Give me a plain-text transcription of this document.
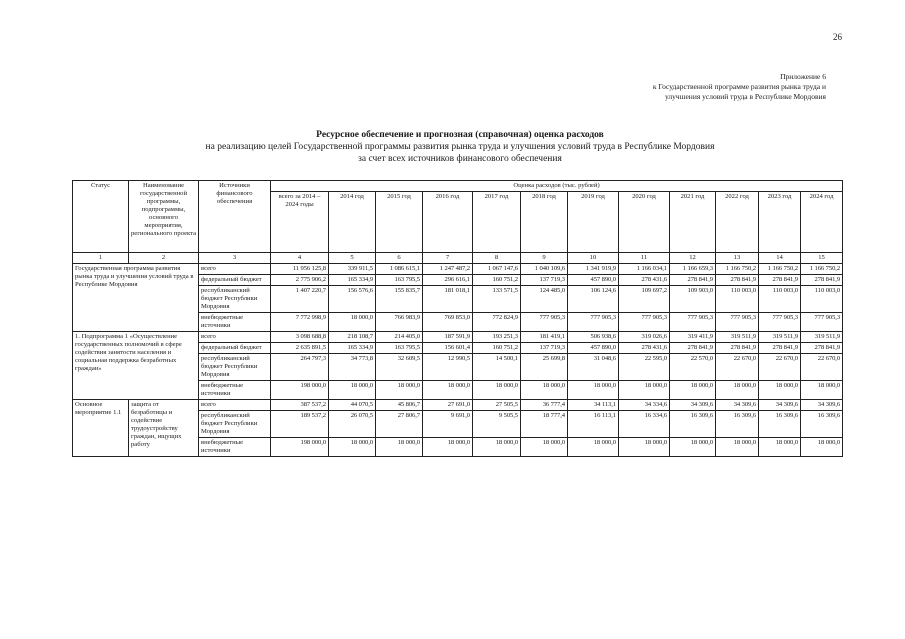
26
Приложение 6
к Государственной программе развития рынка труда и
улучшения условий труда в Республике Мордовия
Ресурсное обеспечение и прогнозная (справочная) оценка расходов
на реализацию целей Государственной программы развития рынка труда и улучшения условий труда в Республике Мордовия
за счет всех источников финансового обеспечения
Статус	Наименование государственной программы, подпрограммы, основного мероприятия, регионального проекта	Источники финансового обеспечения	Оценка расходов (тыс. рублей)											
			всего за 2014 – 2024 годы	2014 год	2015 год	2016 год	2017 год	2018 год	2019 год	2020 год	2021 год	2022 год	2023 год	2024 год
1	2	3	4	5	6	7	8	9	10	11	12	13	14	15
Государственная программа развития рынка труда и улучшения условий труда в Республике Мордовия		всего	11 956 125,8	339 911,5	1 086 615,1	1 247 487,2	1 067 147,6	1 040 109,6	1 341 919,9	1 166 034,1	1 166 659,3	1 166 750,2	1 166 750,2	1 166 750,2
		федеральный бюджет	2 775 906,2	165 334,9	163 795,5	296 616,1	160 751,2	137 719,3	457 890,0	278 431,6	278 841,9	278 841,9	278 841,9	278 841,9
		республиканский бюджет Республики Мордовия	1 407 220,7	156 576,6	155 835,7	181 018,1	133 571,5	124 485,0	106 124,6	109 697,2	109 903,0	110 003,0	110 003,0	110 003,0
		внебюджетные источники	7 772 998,9	18 000,0	766 983,9	769 853,0	772 824,9	777 905,3	777 905,3	777 905,3	777 905,3	777 905,3	777 905,3	777 905,3
1. Подпрограмма 1 «Осуществление государственных полномочий в сфере содействия занятости населения и социальная поддержка безработных граждан»		всего	3 098 688,8	218 108,7	214 405,0	187 591,9	193 251,3	181 419,1	506 938,6	319 026,6	319 411,9	319 511,9	319 511,9	319 511,9
		федеральный бюджет	2 635 891,5	165 334,9	163 795,5	156 601,4	160 751,2	137 719,3	457 890,0	278 431,6	278 841,9	278 841,9	278 841,9	278 841,9
		республиканский бюджет Республики Мордовия	264 797,3	34 773,8	32 609,5	12 990,5	14 500,1	25 699,8	31 048,6	22 595,0	22 570,0	22 670,0	22 670,0	22 670,0
		внебюджетные источники	198 000,0	18 000,0	18 000,0	18 000,0	18 000,0	18 000,0	18 000,0	18 000,0	18 000,0	18 000,0	18 000,0	18 000,0
Основное мероприятие 1.1	защита от безработицы и содействие трудоустройству граждан, ищущих работу	всего	387 537,2	44 070,5	45 806,7	27 691,0	27 505,5	36 777,4	34 113,1	34 334,6	34 309,6	34 309,6	34 309,6	34 309,6
		республиканский бюджет Республики Мордовия	189 537,2	26 070,5	27 806,7	9 691,0	9 505,5	18 777,4	16 113,1	16 334,6	16 309,6	16 309,6	16 309,6	16 309,6
		внебюджетные источники	198 000,0	18 000,0	18 000,0	18 000,0	18 000,0	18 000,0	18 000,0	18 000,0	18 000,0	18 000,0	18 000,0	18 000,0
